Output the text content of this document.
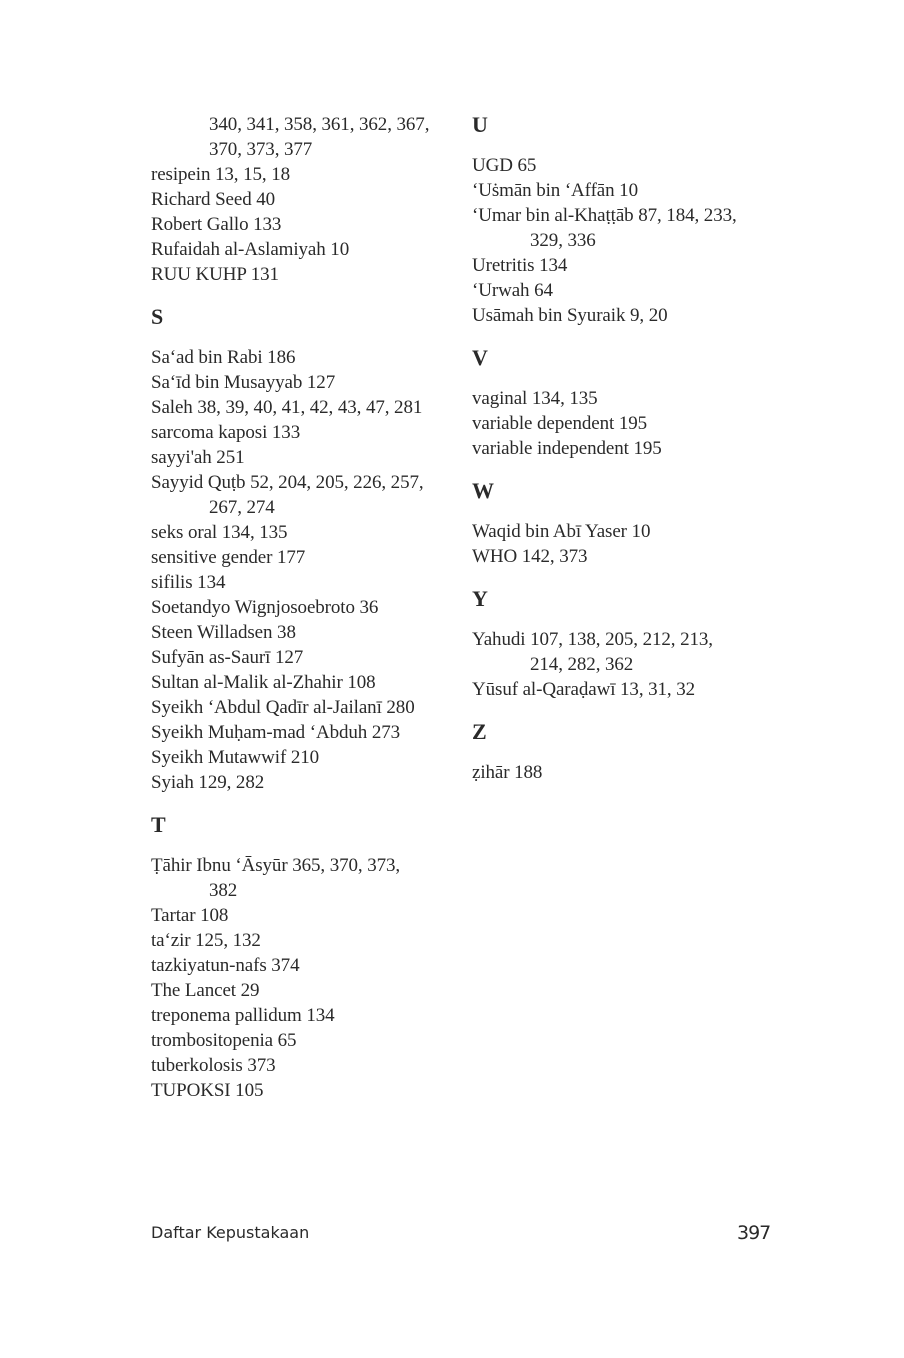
340, 341, 358, 361, 362, 367,
370, 373, 377
resipein 13, 15, 18
Richard Seed 40
Robert Gallo 133
Rufaidah al-Aslamiyah 10
RUU KUHP 131
S
Sa‘ad bin Rabi 186
Sa‘īd bin Musayyab 127
Saleh 38, 39, 40, 41, 42, 43, 47, 281
sarcoma kaposi 133
sayyi'ah 251
Sayyid Quṭb 52, 204, 205, 226, 257,
267, 274
seks oral 134, 135
sensitive gender 177
sifilis 134
Soetandyo Wignjosoebroto 36
Steen Willadsen 38
Sufyān as-Saurī 127
Sultan al-Malik al-Zhahir 108
Syeikh ‘Abdul Qadīr al-Jailanī 280
Syeikh Muḥam-mad ‘Abduh 273
Syeikh Mutawwif 210
Syiah 129, 282
T
Ṭāhir Ibnu ‘Āsyūr 365, 370, 373,
382
Tartar 108
ta‘zir 125, 132
tazkiyatun-nafs 374
The Lancet 29
treponema pallidum 134
trombositopenia 65
tuberkolosis 373
TUPOKSI 105
U
UGD 65
‘Uṡmān bin ‘Affān 10
‘Umar bin al-Khaṭṭāb 87, 184, 233,
329, 336
Uretritis 134
‘Urwah 64
Usāmah bin Syuraik 9, 20
V
vaginal 134, 135
variable dependent 195
variable independent 195
W
Waqid bin Abī Yaser 10
WHO 142, 373
Y
Yahudi 107, 138, 205, 212, 213,
214, 282, 362
Yūsuf al-Qaraḍawī 13, 31, 32
Z
ẓihār 188
Daftar Kepustakaan	397
